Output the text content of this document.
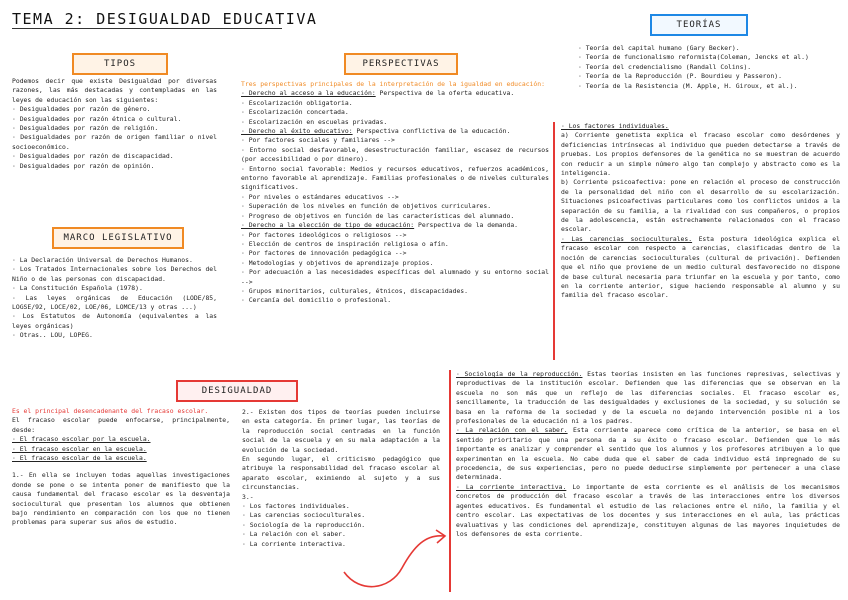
TEMA 2: DESIGUALDAD EDUCATIVA
TIPOS

Podemos decir que existe Desigualdad por diversas razones, las más destacadas y contempladas en las leyes de educación son las siguientes:

· Desigualdades por razón de género.

· Desigualdades por razón étnica o cultural.

· Desigualdades por razón de religión.

· Desigualdades por razón de origen familiar o nivel socioeconómico.

· Desigualdades por razón de discapacidad.

· Desigualdades por razón de opinión.

MARCO LEGISLATIVO

· La Declaración Universal de Derechos Humanos.

· Los Tratados Internacionales sobre los Derechos del Niño o de las personas con discapacidad.

· La Constitución Española (1978).

· Las leyes orgánicas de Educación (LODE/85, LOGSE/92, LOCE/02, LOE/06, LOMCE/13 y otras ...)

· Los Estatutos de Autonomía (equivalentes a las leyes orgánicas)

· Otras.. LOU, LOPEG.

PERSPECTIVAS

Tres perspectivas principales de la interpretación de la igualdad en educación:

· Derecho al acceso a la educación: Perspectiva de la oferta educativa.

· Escolarización obligatoria.

· Escolarización concertada.

· Escolarización en escuelas privadas.

· Derecho al éxito educativo: Perspectiva conflictiva de la educación.

· Por factores sociales y familiares -->

· Entorno social desfavorable, desestructuración familiar, escasez de recursos (por accesibilidad o por dinero).

· Entorno social favorable: Medios y recursos educativos, refuerzos académicos, entorno favorable al aprendizaje. Familias profesionales o de niveles culturales significativos.

· Por niveles o estándares educativos -->

· Superación de los niveles en función de objetivos curriculares.

· Progreso de objetivos en función de las características del alumnado.

· Derecho a la elección de tipo de educación: Perspectiva de la demanda.

· Por factores ideológicos o religiosos -->

· Elección de centros de inspiración religiosa o afín.

· Por factores de innovación pedagógica -->

· Metodologías y objetivos de aprendizaje propios.

· Por adecuación a las necesidades específicas del alumnado y su entorno social -->

· Grupos minoritarios, culturales, étnicos, discapacidades.

· Cercanía del domicilio o profesional.

TEORÍAS

· Teoría del capital humano (Gary Becker).

· Teoría de funcionalismo reformista(Coleman, Jencks et al.)

· Teoría del credencialismo (Randall Colins).

· Teoría de la Reproducción (P. Bourdieu y Passeron).

· Teoría de la Resistencia (M. Apple, H. Giroux, et al.).

· Los factores individuales.

a) Corriente genetista explica el fracaso escolar como desórdenes y deficiencias intrínsecas al individuo que pueden detectarse a través de pruebas. Los propios defensores de la genética no se muestran de acuerdo con reducir a un simple número algo tan complejo y abstracto como es la inteligencia.

b) Corriente psicoafectiva: pone en relación el proceso de construcción de la personalidad del niño con el desarrollo de su escolarización. Situaciones psicoafectivas particulares como los conflictos unidos a la separación de su familia, a la rivalidad con sus compañeros, o propios de la adolescencia, están estrechamente relacionados con el fracaso escolar.

· Las carencias socioculturales. Esta postura ideológica explica el fracaso escolar con respecto a carencias, clasificadas dentro de la noción de carencias socioculturales (cultural de privación). Defienden que el niño que proviene de un medio cultural desfavorecido no dispone de base cultural necesaria para triunfar en la escuela y por tanto, como en la corriente anterior, sigue haciendo responsable al alumno y su familia del fracaso escolar.

DESIGUALDAD

Es el principal desencadenante del fracaso escolar.

El fracaso escolar puede enfocarse, principalmente, desde:

· El fracaso escolar por la escuela.

· El fracaso escolar en la escuela.

· El fracaso escolar de la escuela.

1.- En ella se incluyen todas aquellas investigaciones donde se pone o se intenta poner de manifiesto que la causa fundamental del fracaso escolar es la desventaja sociocultural que presentan los alumnos que obtienen bajo rendimiento en comparación con los que no tienen problemas para superar sus años de estudio.

2.- Existen dos tipos de teorías pueden incluirse en esta categoría. En primer lugar, las teorías de la reproducción social centradas en la función social de la escuela y en su mala adaptación a la evolución de la sociedad.

En segundo lugar, el criticismo pedagógico que atribuye la responsabilidad del fracaso escolar al aparato escolar, eximiendo al sujeto y a sus circunstancias.

3.-

· Los factores individuales.

· Las carencias socioculturales.

· Sociología de la reproducción.

· La relación con el saber.

· La corriente interactiva.

· Sociología de la reproducción. Estas teorías insisten en las funciones represivas, selectivas y reproductivas de la institución escolar. Defienden que las diferencias que se observan en la escuela no son más que un reflejo de las diferencias sociales. El fracaso escolar es, sencillamente, la traducción de las desigualdades y exclusiones de la sociedad, y su solución se basa en la reforma de la sociedad y de la escuela no dejando intervención posible ni a los profesionales de la educación ni a los padres.

· La relación con el saber. Esta corriente aparece como crítica de la anterior, se basa en el sentido prioritario que una persona da a su éxito o fracaso escolar. Defienden que lo más importante es analizar y comprender el sentido que los alumnos y los profesores atribuyen a lo que experimentan en la escuela. No cabe duda que el saber de cada individuo está impregnado de su procedencia, de sus experiencias, pero no puede deducirse simplemente por pertenecer a una clase determinada.

· La corriente interactiva. Lo importante de esta corriente es el análisis de los mecanismos concretos de producción del fracaso escolar a través de las interacciones entre los diversos agentes educativos. Es fundamental el estudio de las relaciones entre el niño, la familia y el centro escolar. Las expectativas de los docentes y sus interacciones en el aula, las prácticas evaluativas y las condiciones del aprendizaje, constituyen algunas de las mayores inquietudes de los defensores de esta corriente.
